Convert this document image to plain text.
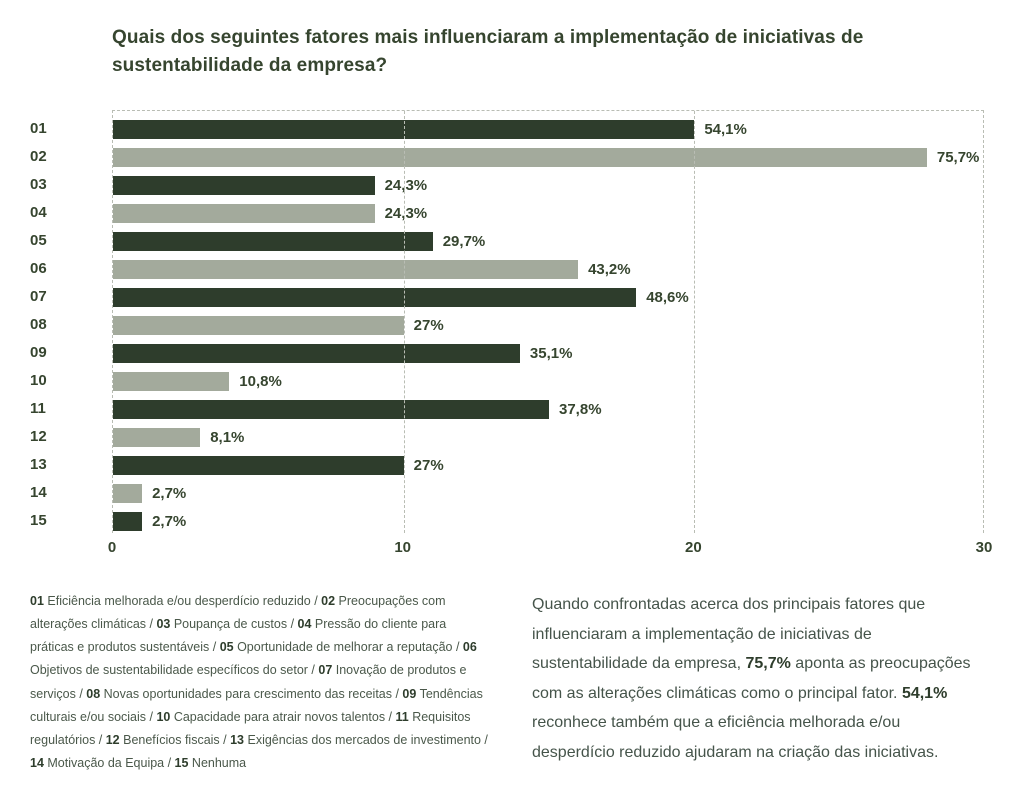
Quais dos seguintes fatores mais influenciaram a implementação de iniciativas de sustentabilidade da empresa?
01
02
03
04
05
06
07
08
09
10
11
12
13
14
15
54,1%
75,7%
24,3%
24,3%
29,7%
43,2%
48,6%
27%
35,1%
10,8%
37,8%
8,1%
27%
2,7%
2,7%
0	10	20	30
01 Eficiência melhorada e/ou desperdício reduzido / 02 Preocupações com alterações climáticas / 03 Poupança de custos / 04 Pressão do cliente para práticas e produtos sustentáveis / 05 Oportunidade de melhorar a reputação / 06 Objetivos de sustentabilidade específicos do setor / 07 Inovação de produtos e serviços / 08 Novas oportunidades para crescimento das receitas / 09 Tendências culturais e/ou sociais / 10 Capacidade para atrair novos talentos / 11 Requisitos regulatórios / 12 Benefícios fiscais / 13 Exigências dos mercados de investimento / 14 Motivação da Equipa / 15 Nenhuma
Quando confrontadas acerca dos principais fatores que influenciaram a implementação de iniciativas de sustentabilidade da empresa, 75,7% aponta as preocupações com as alterações climáticas como o principal fator. 54,1% reconhece também que a eficiência melhorada e/ou desperdício reduzido ajudaram na criação das iniciativas.
